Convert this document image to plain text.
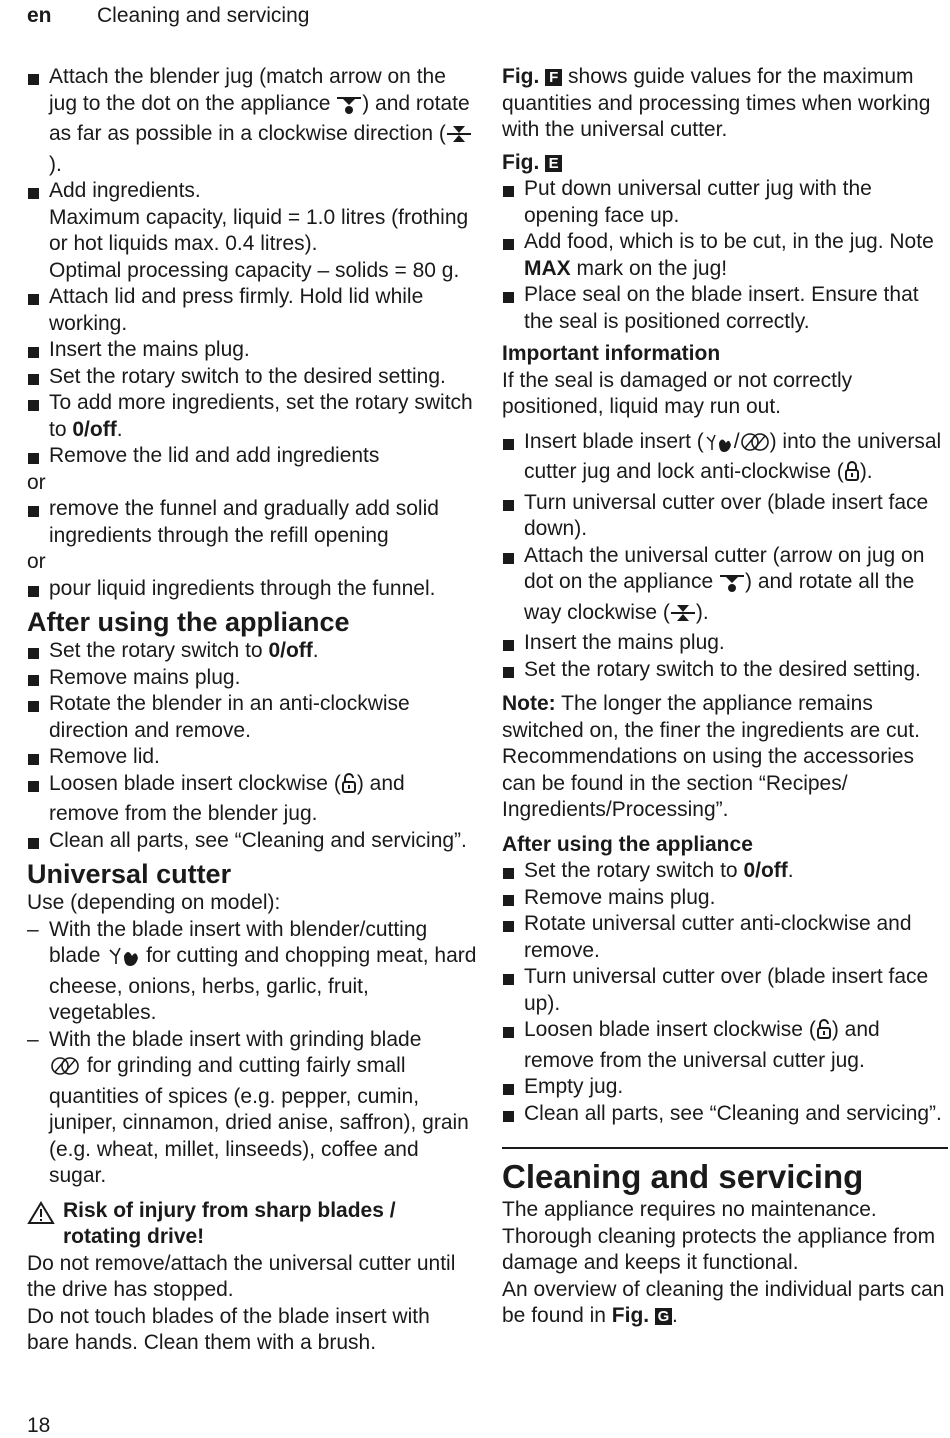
en Cleaning and servicing
Attach the blender jug (match arrow on the jug to the dot on the appliance ) and rotate as far as possible in a clockwise direction ().
Add ingredients.
Maximum capacity, liquid = 1.0 litres (frothing or hot liquids max. 0.4 litres).
Optimal processing capacity – solids = 80 g.
Attach lid and press firmly. Hold lid while working.
Insert the mains plug.
Set the rotary switch to the desired setting.
To add more ingredients, set the rotary switch to 0/off.
Remove the lid and add ingredients
or
remove the funnel and gradually add solid ingredients through the refill opening
or
pour liquid ingredients through the funnel.
After using the appliance
Set the rotary switch to 0/off.
Remove mains plug.
Rotate the blender in an anti-clockwise direction and remove.
Remove lid.
Loosen blade insert clockwise ( ) and remove from the blender jug.
Clean all parts, see “Cleaning and servicing”.
Universal cutter
Use (depending on model):
– With the blade insert with blender/cutting blade for cutting and chopping meat, hard cheese, onions, herbs, garlic, fruit, vegetables.
– With the blade insert with grinding blade
for grinding and cutting fairly small quantities of spices (e.g. pepper, cumin, juniper, cinnamon, dried anise, saffron), grain (e.g. wheat, millet, linseeds), coffee and sugar.
Risk of injury from sharp blades / rotating drive!
Do not remove/attach the universal cutter until the drive has stopped.
Do not touch blades of the blade insert with bare hands. Clean them with a brush.
Fig. F shows guide values for the maximum quantities and processing times when working with the universal cutter.
Fig. E
Put down universal cutter jug with the opening face up.
Add food, which is to be cut, in the jug. Note MAX mark on the jug!
Place seal on the blade insert. Ensure that the seal is positioned correctly.
Important information
If the seal is damaged or not correctly positioned, liquid may run out.
Insert blade insert ( / ) into the universal cutter jug and lock anti-clockwise ( ).
Turn universal cutter over (blade insert face down).
Attach the universal cutter (arrow on jug on dot on the appliance ) and rotate all the way clockwise ( ).
Insert the mains plug.
Set the rotary switch to the desired setting.
Note: The longer the appliance remains switched on, the finer the ingredients are cut. Recommendations on using the accessories can be found in the section “Recipes/ Ingredients/Processing”.
After using the appliance
Set the rotary switch to 0/off.
Remove mains plug.
Rotate universal cutter anti-clockwise and remove.
Turn universal cutter over (blade insert face up).
Loosen blade insert clockwise ( ) and remove from the universal cutter jug.
Empty jug.
Clean all parts, see “Cleaning and servicing”.
Cleaning and servicing
The appliance requires no maintenance. Thorough cleaning protects the appliance from damage and keeps it functional.
An overview of cleaning the individual parts can be found in Fig. G .
18
